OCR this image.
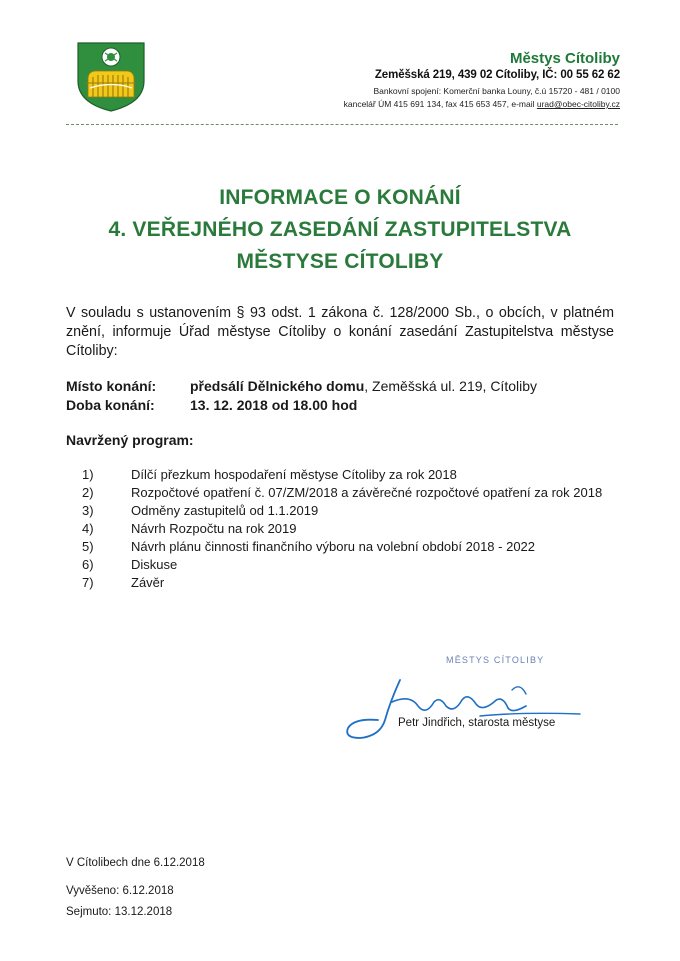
Městys Cítoliby
Zeměšská 219, 439 02 Cítoliby, IČ: 00 55 62 62
Bankovní spojení: Komerční banka Louny, č.ú 15720 - 481 / 0100
kancelář ÚM 415 691 134, fax 415 653 457, e-mail urad@obec-citoliby.cz
INFORMACE O KONÁNÍ
4. VEŘEJNÉHO ZASEDÁNÍ ZASTUPITELSTVA
MĚSTYSE CÍTOLIBY
V souladu s ustanovením § 93 odst. 1 zákona č. 128/2000 Sb., o obcích, v platném znění, informuje Úřad městyse Cítoliby o konání zasedání Zastupitelstva městyse Cítoliby:
Místo konání: předsálí Dělnického domu, Zeměšská ul. 219, Cítoliby
Doba konání:	13. 12. 2018 od 18.00 hod
Navržený program:
1)	Dílčí přezkum hospodaření městyse Cítoliby za rok 2018
2)	Rozpočtové opatření č. 07/ZM/2018 a závěrečné rozpočtové opatření za rok 2018
3)	Odměny zastupitelů od 1.1.2019
4)	Návrh Rozpočtu na rok 2019
5)	Návrh plánu činnosti finančního výboru na volební období 2018 - 2022
6)	Diskuse
7)	Závěr
MĚSTYS CÍTOLIBY
Petr Jindřich, starosta městyse
V Cítolibech dne 6.12.2018
Vyvěšeno: 6.12.2018
Sejmuto: 13.12.2018
